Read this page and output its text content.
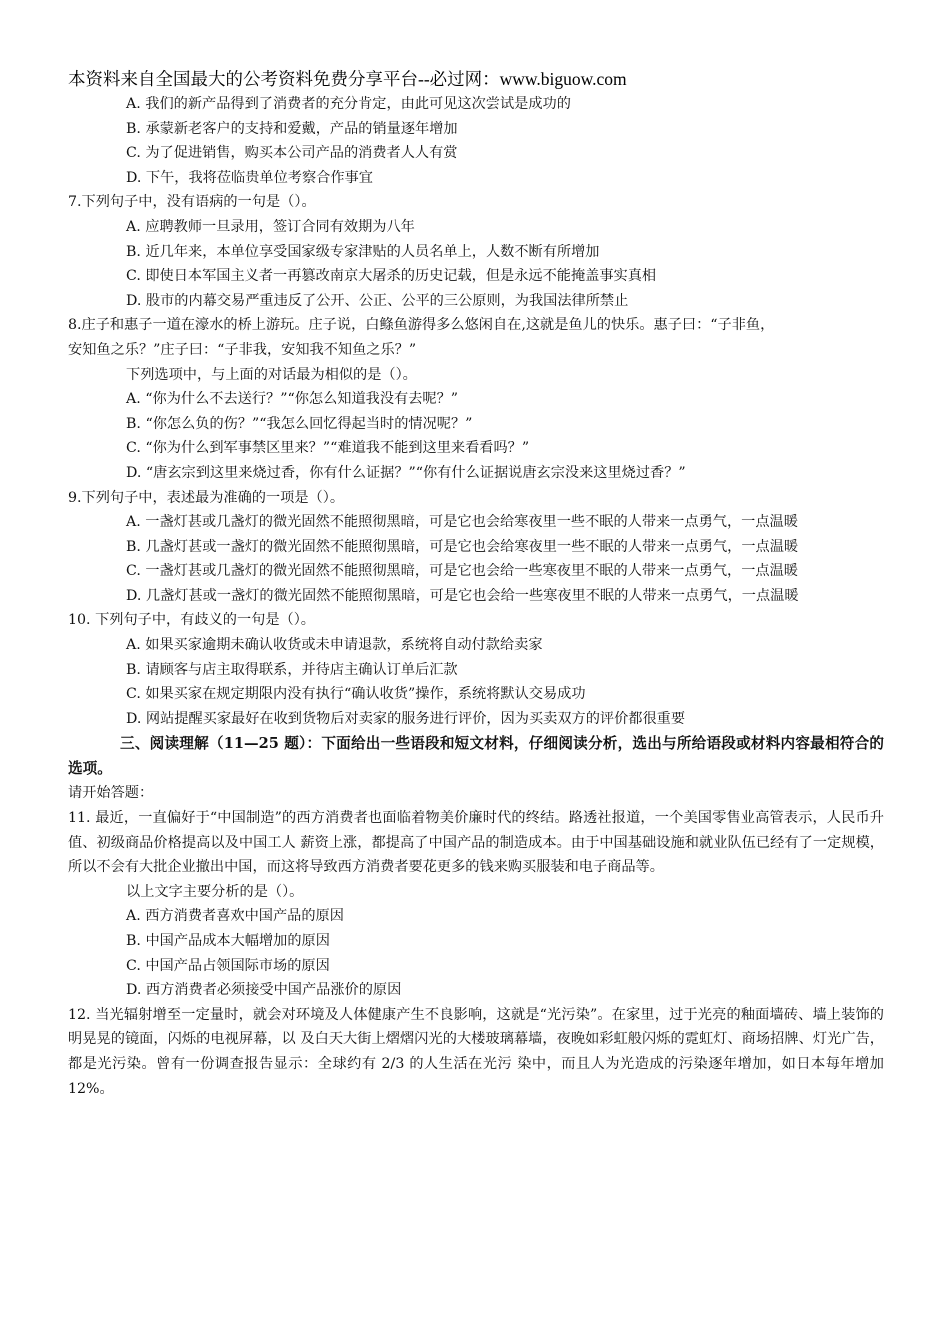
本资料来自全国最大的公考资料免费分享平台--必过网：www.biguow.com
A. 我们的新产品得到了消费者的充分肯定，由此可见这次尝试是成功的
B. 承蒙新老客户的支持和爱戴，产品的销量逐年增加
C. 为了促进销售，购买本公司产品的消费者人人有赏
D. 下午，我将莅临贵单位考察合作事宜
7.下列句子中，没有语病的一句是（）。
A. 应聘教师一旦录用，签订合同有效期为八年
B. 近几年来，本单位享受国家级专家津贴的人员名单上，人数不断有所增加
C. 即使日本军国主义者一再篡改南京大屠杀的历史记载，但是永远不能掩盖事实真相
D. 股市的内幕交易严重违反了公开、公正、公平的三公原则，为我国法律所禁止
8.庄子和惠子一道在濠水的桥上游玩。庄子说，白鲦鱼游得多么悠闲自在,这就是鱼儿的快乐。惠子曰：“子非鱼，
安知鱼之乐？”庄子曰：“子非我，安知我不知鱼之乐？”
下列选项中，与上面的对话最为相似的是（）。
A. “你为什么不去送行？”“你怎么知道我没有去呢？”
B. “你怎么负的伤？”“我怎么回忆得起当时的情况呢？”
C. “你为什么到军事禁区里来？”“难道我不能到这里来看看吗？”
D. “唐玄宗到这里来烧过香，你有什么证据？”“你有什么证据说唐玄宗没来这里烧过香？”
9.下列句子中，表述最为准确的一项是（）。
A. 一盏灯甚或几盏灯的微光固然不能照彻黑暗，可是它也会给寒夜里一些不眠的人带来一点勇气，一点温暖
B. 几盏灯甚或一盏灯的微光固然不能照彻黑暗，可是它也会给寒夜里一些不眠的人带来一点勇气，一点温暖
C. 一盏灯甚或几盏灯的微光固然不能照彻黑暗，可是它也会给一些寒夜里不眠的人带来一点勇气，一点温暖
D. 几盏灯甚或一盏灯的微光固然不能照彻黑暗，可是它也会给一些寒夜里不眠的人带来一点勇气，一点温暖
10. 下列句子中，有歧义的一句是（）。
A. 如果买家逾期未确认收货或未申请退款，系统将自动付款给卖家
B. 请顾客与店主取得联系，并待店主确认订单后汇款
C. 如果买家在规定期限内没有执行“确认收货”操作，系统将默认交易成功
D. 网站提醒买家最好在收到货物后对卖家的服务进行评价，因为买卖双方的评价都很重要
三、阅读理解（11—25 题）：下面给出一些语段和短文材料，仔细阅读分析，选出与所给语段或材料内容最相符合的选项。
请开始答题：
11. 最近，一直偏好于“中国制造”的西方消费者也面临着物美价廉时代的终结。路透社报道，一个美国零售业高管表示，人民币升值、初级商品价格提高以及中国工人 薪资上涨，都提高了中国产品的制造成本。由于中国基础设施和就业队伍已经有了一定规模，所以不会有大批企业撤出中国，而这将导致西方消费者要花更多的钱来购买服装和电子商品等。
以上文字主要分析的是（）。
A. 西方消费者喜欢中国产品的原因
B. 中国产品成本大幅增加的原因
C. 中国产品占领国际市场的原因
D. 西方消费者必须接受中国产品涨价的原因
12. 当光辐射增至一定量时，就会对环境及人体健康产生不良影响，这就是“光污染”。在家里，过于光亮的釉面墙砖、墙上装饰的明晃晃的镜面，闪烁的电视屏幕，以 及白天大街上熠熠闪光的大楼玻璃幕墙，夜晚如彩虹般闪烁的霓虹灯、商场招牌、灯光广告，都是光污染。曾有一份调查报告显示：全球约有 2/3 的人生活在光污 染中，而且人为光造成的污染逐年增加，如日本每年增加 12%。
